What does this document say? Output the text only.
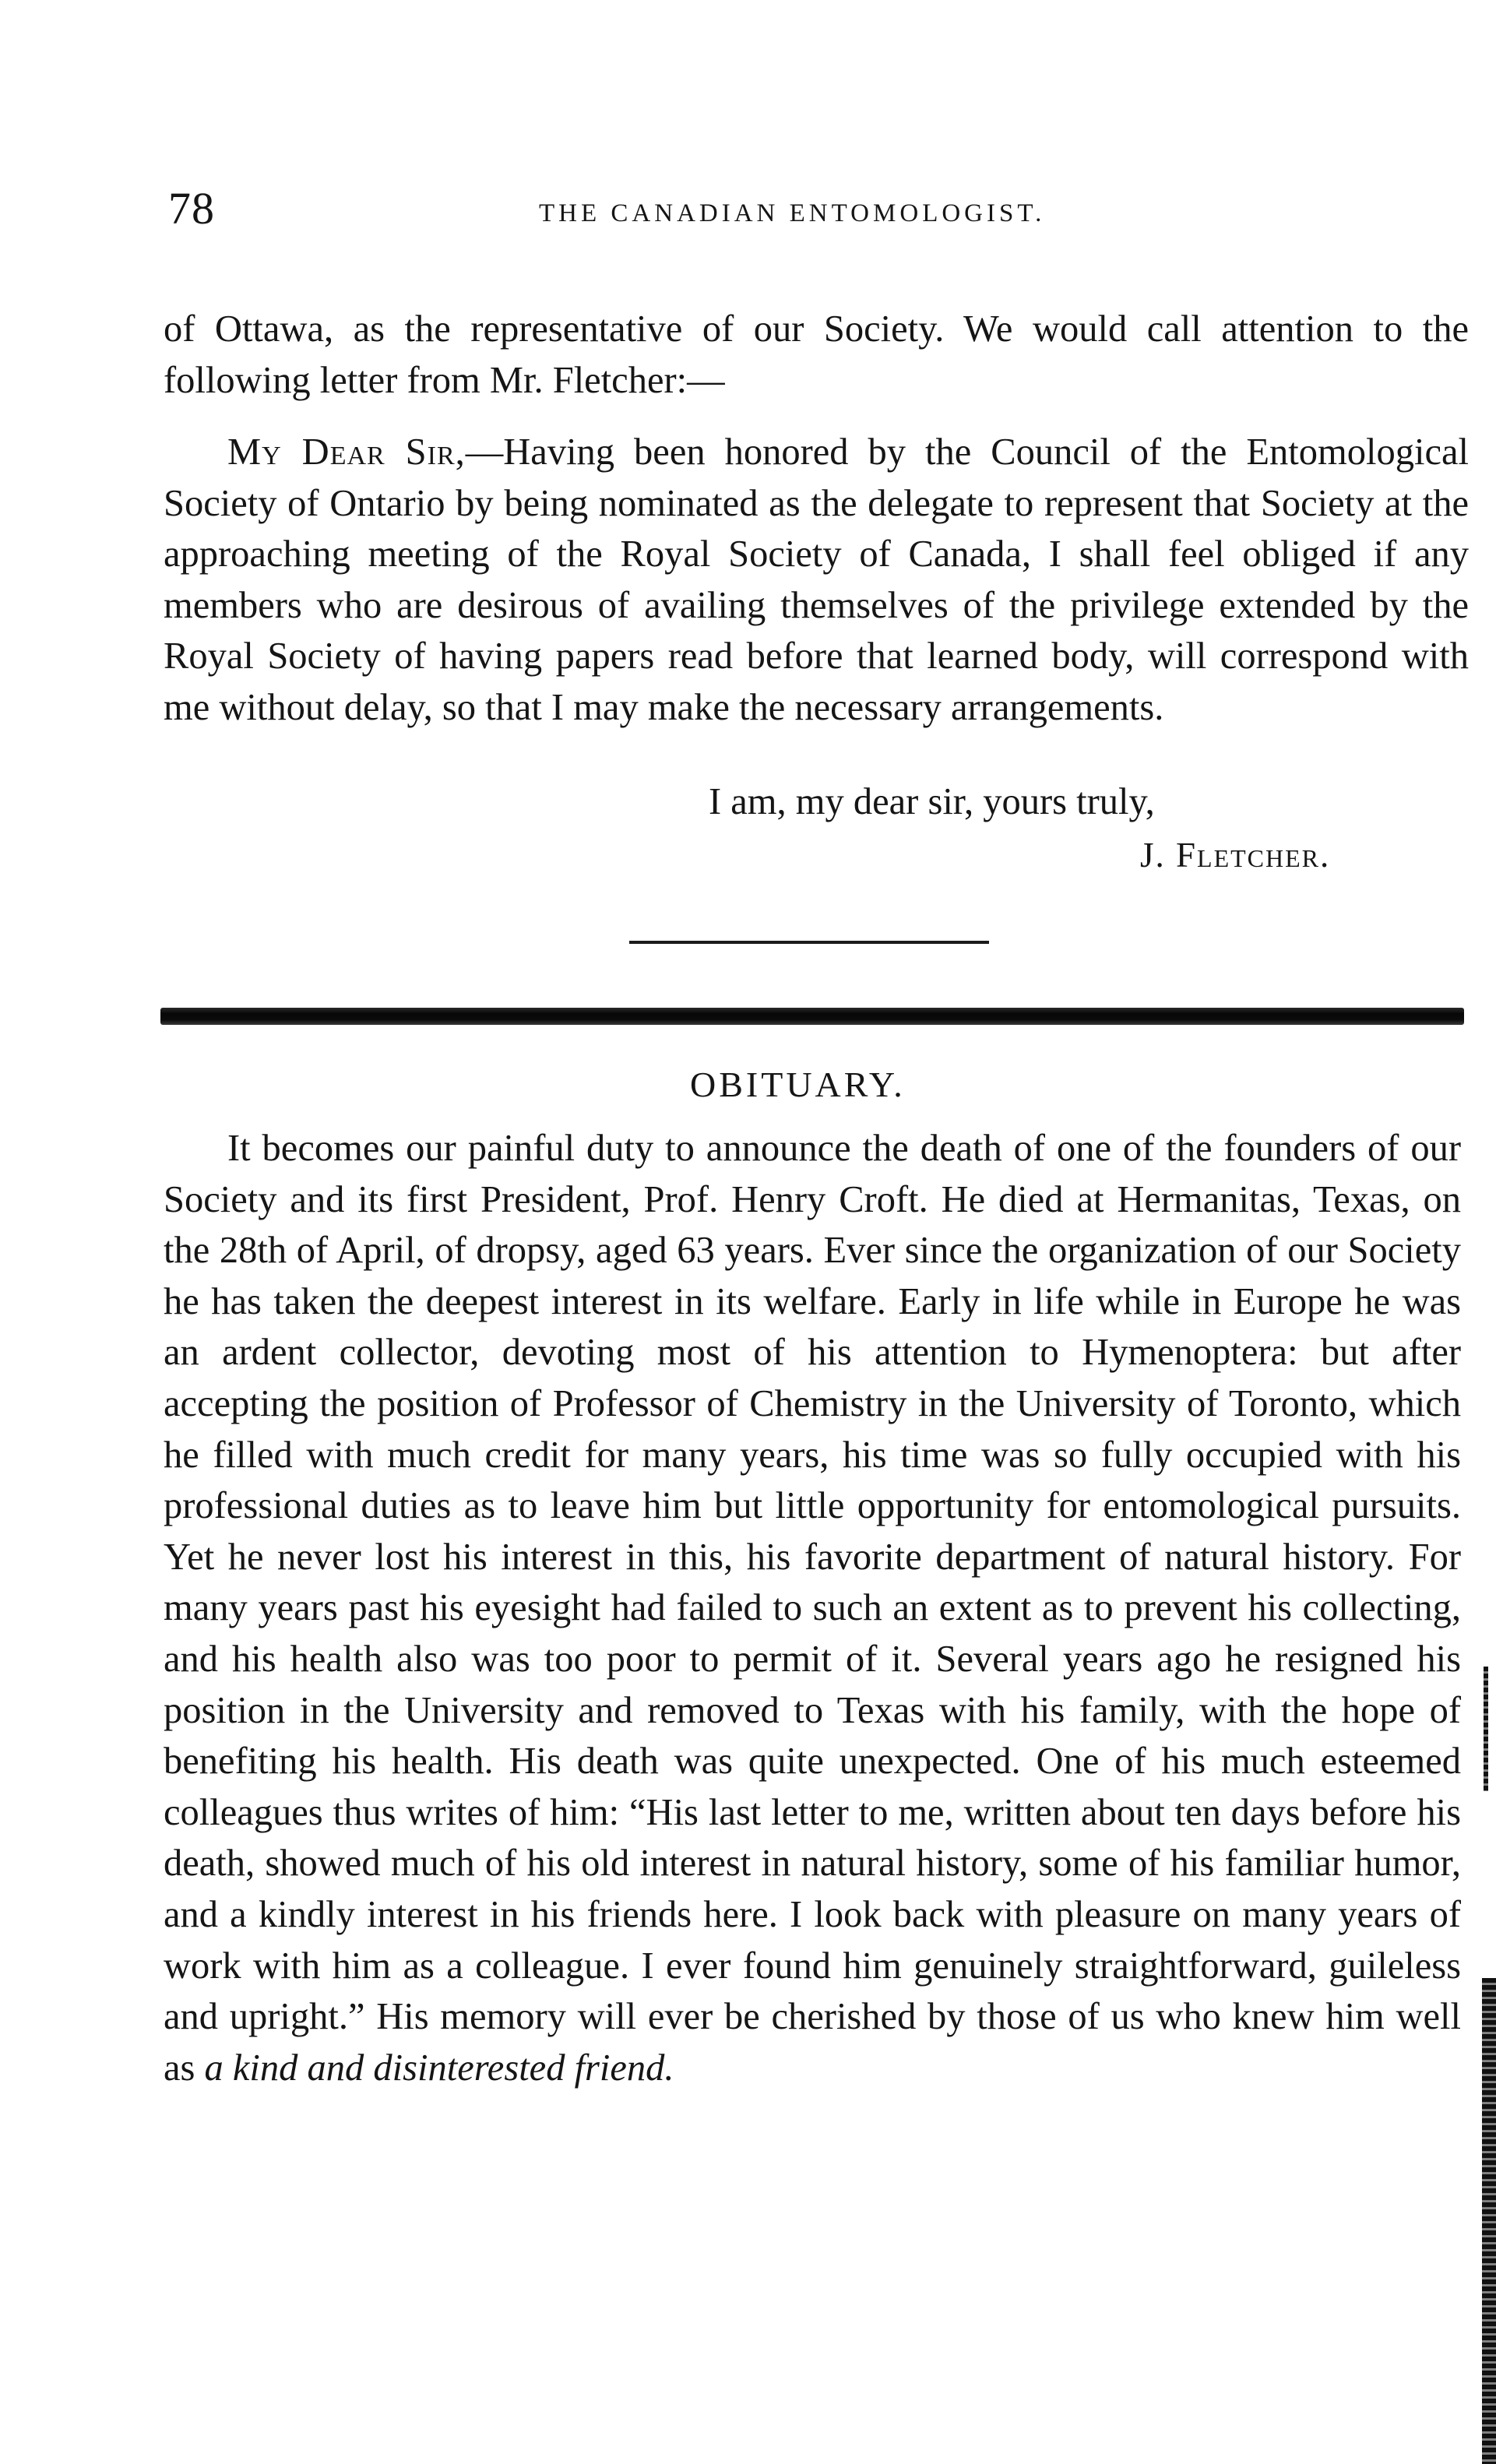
78	THE CANADIAN ENTOMOLOGIST.

of Ottawa, as the representative of our Society. We would call attention to the following letter from Mr. Fletcher:—

My Dear Sir,—Having been honored by the Council of the Entomological Society of Ontario by being nominated as the delegate to represent that Society at the approaching meeting of the Royal Society of Canada, I shall feel obliged if any members who are desirous of availing themselves of the privilege extended by the Royal Society of having papers read before that learned body, will correspond with me without delay, so that I may make the necessary arrangements.

I am, my dear sir, yours truly,
J. Fletcher.
OBITUARY.

It becomes our painful duty to announce the death of one of the founders of our Society and its first President, Prof. Henry Croft. He died at Hermanitas, Texas, on the 28th of April, of dropsy, aged 63 years. Ever since the organization of our Society he has taken the deepest interest in its welfare. Early in life while in Europe he was an ardent collector, devoting most of his attention to Hymenoptera: but after accepting the position of Professor of Chemistry in the University of Toronto, which he filled with much credit for many years, his time was so fully occupied with his professional duties as to leave him but little opportunity for entomological pursuits. Yet he never lost his interest in this, his favorite department of natural history. For many years past his eyesight had failed to such an extent as to prevent his collecting, and his health also was too poor to permit of it. Several years ago he resigned his position in the University and removed to Texas with his family, with the hope of benefiting his health. His death was quite unexpected. One of his much esteemed colleagues thus writes of him: “His last letter to me, written about ten days before his death, showed much of his old interest in natural history, some of his familiar humor, and a kindly interest in his friends here. I look back with pleasure on many years of work with him as a colleague. I ever found him genuinely straightforward, guileless and upright.” His memory will ever be cherished by those of us who knew him well as a kind and disinterested friend.
